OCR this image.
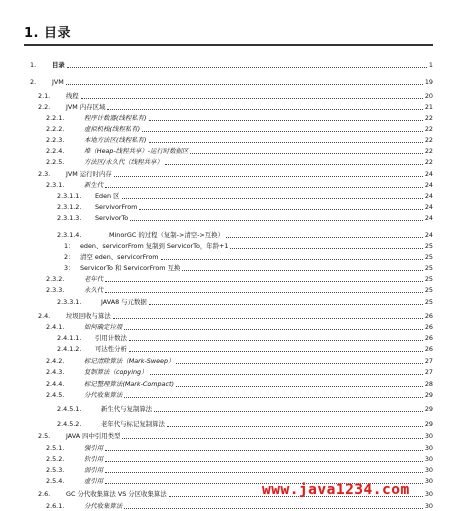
1. 目录
1.	目录	1
2.	JVM	19
2.1.	线程	20
2.2.	JVM 内存区域	21
2.2.1.	程序计数器(线程私有)	22
2.2.2.	虚拟机栈(线程私有)	22
2.2.3.	本地方法区(线程私有)	22
2.2.4.	堆（Heap-线程共享）-运行时数据区	22
2.2.5.	方法区/永久代（线程共享）	22
2.3.	JVM 运行时内存	24
2.3.1.	新生代	24
2.3.1.1.	Eden 区	24
2.3.1.2.	ServivorFrom	24
2.3.1.3.	ServivorTo	24
2.3.1.4.	MinorGC 的过程（复制->清空->互换）	24
1： eden、servicorFrom 复制到 ServicorTo，年龄+1	25
2： 清空 eden、servicorFrom	25
3： ServicorTo 和 ServicorFrom 互换	25
2.3.2.	老年代	25
2.3.3.	永久代	25
2.3.3.1.	JAVA8 与元数据	25
2.4.	垃圾回收与算法	26
2.4.1.	如何确定垃圾	26
2.4.1.1.	引用计数法	26
2.4.1.2.	可达性分析	26
2.4.2.	标记清除算法（Mark-Sweep）	27
2.4.3.	复制算法（copying）	27
2.4.4.	标记整理算法(Mark-Compact)	28
2.4.5.	分代收集算法	29
2.4.5.1.	新生代与复制算法	29
2.4.5.2.	老年代与标记复制算法	29
2.5.	JAVA 四中引用类型	30
2.5.1.	强引用	30
2.5.2.	软引用	30
2.5.3.	弱引用	30
2.5.4.	虚引用	30
2.6.	GC 分代收集算法 VS 分区收集算法	30
2.6.1.	分代收集算法	30
www.java1234.com
